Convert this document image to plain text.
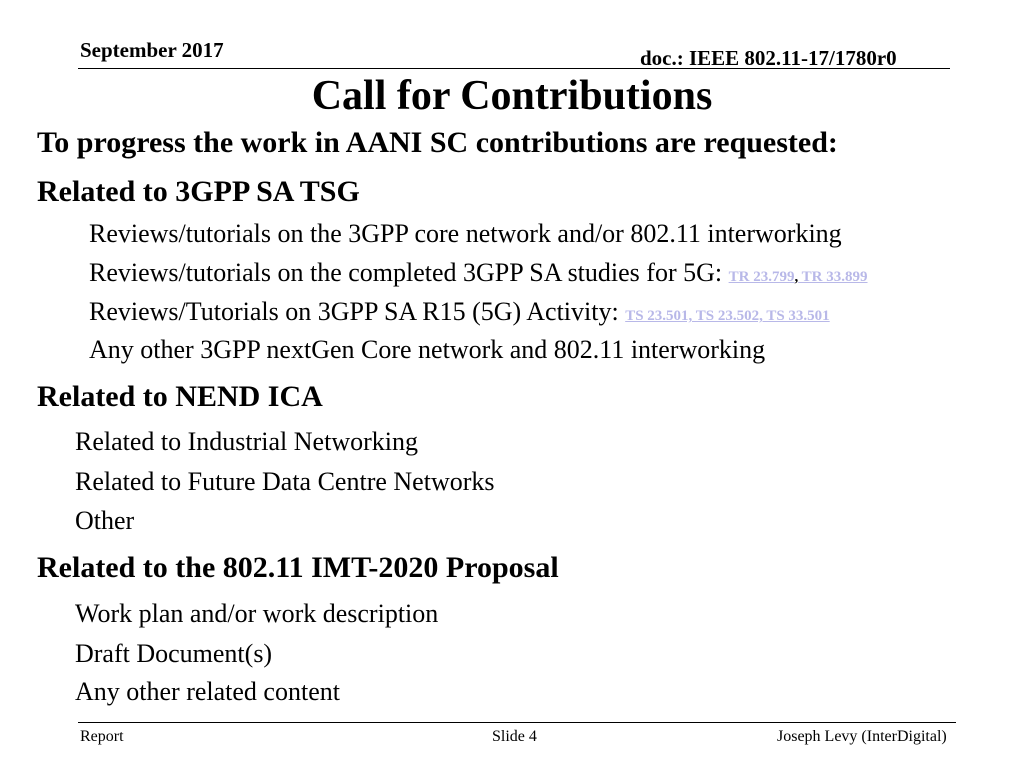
September 2017	doc.: IEEE 802.11-17/1780r0
Call for Contributions
To progress the work in AANI SC contributions are requested:
Related to 3GPP SA TSG
Reviews/tutorials on the 3GPP core network and/or 802.11 interworking
Reviews/tutorials on the completed 3GPP SA studies for 5G: TR 23.799, TR 33.899
Reviews/Tutorials on 3GPP SA R15 (5G) Activity: TS 23.501, TS 23.502, TS 33.501
Any other 3GPP nextGen Core network and 802.11 interworking
Related to NEND ICA
Related to Industrial Networking
Related to Future Data Centre Networks
Other
Related to the 802.11 IMT-2020 Proposal
Work plan and/or work description
Draft Document(s)
Any other related content
Report	Slide 4	Joseph Levy (InterDigital)
